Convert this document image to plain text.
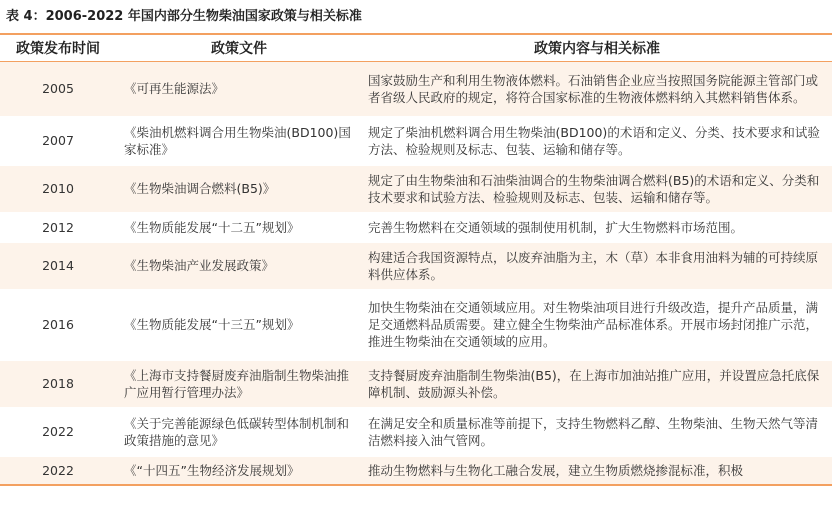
表 4：2006-2022 年国内部分生物柴油国家政策与相关标准
政策发布时间	政策文件	政策内容与相关标准
2005	《可再生能源法》	国家鼓励生产和利用生物液体燃料。石油销售企业应当按照国务院能源主管部门或者省级人民政府的规定，将符合国家标准的生物液体燃料纳入其燃料销售体系。
2007	《柴油机燃料调合用生物柴油(BD100)国家标准》	规定了柴油机燃料调合用生物柴油(BD100)的术语和定义、分类、技术要求和试验方法、检验规则及标志、包装、运输和储存等。
2010	《生物柴油调合燃料(B5)》	规定了由生物柴油和石油柴油调合的生物柴油调合燃料(B5)的术语和定义、分类和技术要求和试验方法、检验规则及标志、包装、运输和储存等。
2012	《生物质能发展“十二五”规划》	完善生物燃料在交通领域的强制使用机制，扩大生物燃料市场范围。
2014	《生物柴油产业发展政策》	构建适合我国资源特点，以废弃油脂为主，木（草）本非食用油料为辅的可持续原料供应体系。
2016	《生物质能发展“十三五”规划》	加快生物柴油在交通领域应用。对生物柴油项目进行升级改造，提升产品质量，满足交通燃料品质需要。建立健全生物柴油产品标准体系。开展市场封闭推广示范，推进生物柴油在交通领域的应用。
2018	《上海市支持餐厨废弃油脂制生物柴油推广应用暂行管理办法》	支持餐厨废弃油脂制生物柴油(B5)，在上海市加油站推广应用，并设置应急托底保障机制、鼓励源头补偿。
2022	《关于完善能源绿色低碳转型体制机制和政策措施的意见》	在满足安全和质量标准等前提下，支持生物燃料乙醇、生物柴油、生物天然气等清洁燃料接入油气管网。
2022	《“十四五”生物经济发展规划》	推动生物燃料与生物化工融合发展，建立生物质燃烧掺混标准，积极
